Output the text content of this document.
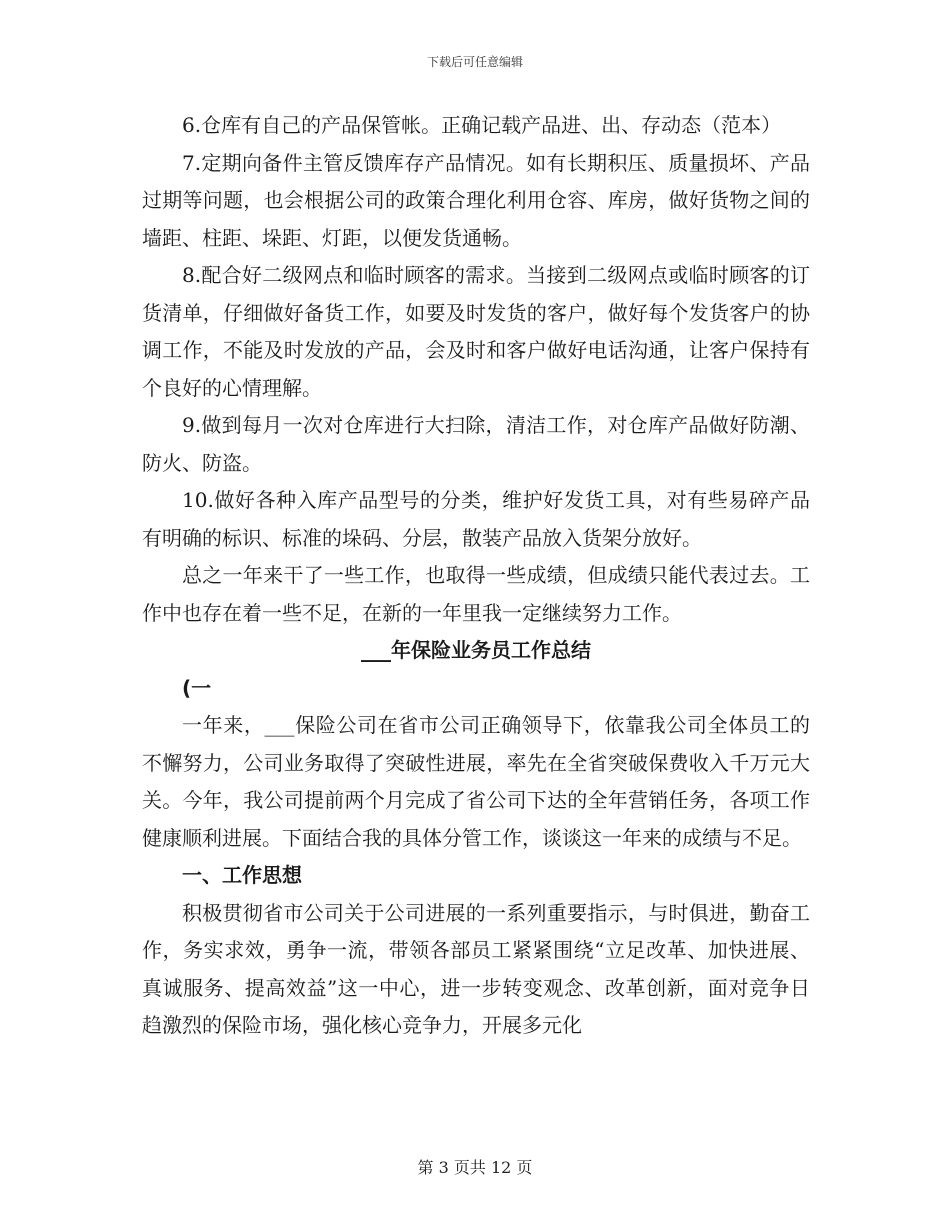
下载后可任意编辑

6.仓库有自己的产品保管帐。正确记载产品进、出、存动态（范本）

7.定期向备件主管反馈库存产品情况。如有长期积压、质量损坏、产品过期等问题，也会根据公司的政策合理化利用仓容、库房，做好货物之间的墙距、柱距、垛距、灯距，以便发货通畅。

8.配合好二级网点和临时顾客的需求。当接到二级网点或临时顾客的订货清单，仔细做好备货工作，如要及时发货的客户，做好每个发货客户的协调工作，不能及时发放的产品，会及时和客户做好电话沟通，让客户保持有个良好的心情理解。

9.做到每月一次对仓库进行大扫除，清洁工作，对仓库产品做好防潮、防火、防盗。

10.做好各种入库产品型号的分类，维护好发货工具，对有些易碎产品有明确的标识、标准的垛码、分层，散装产品放入货架分放好。

总之一年来干了一些工作，也取得一些成绩，但成绩只能代表过去。工作中也存在着一些不足，在新的一年里我一定继续努力工作。

___年保险业务员工作总结

(一

一年来，___保险公司在省市公司正确领导下，依靠我公司全体员工的不懈努力，公司业务取得了突破性进展，率先在全省突破保费收入千万元大关。今年，我公司提前两个月完成了省公司下达的全年营销任务，各项工作健康顺利进展。下面结合我的具体分管工作，谈谈这一年来的成绩与不足。

一、工作思想

积极贯彻省市公司关于公司进展的一系列重要指示，与时俱进，勤奋工作，务实求效，勇争一流，带领各部员工紧紧围绕“立足改革、加快进展、真诚服务、提高效益”这一中心，进一步转变观念、改革创新，面对竞争日趋激烈的保险市场，强化核心竞争力，开展多元化

第 3 页共 12 页
